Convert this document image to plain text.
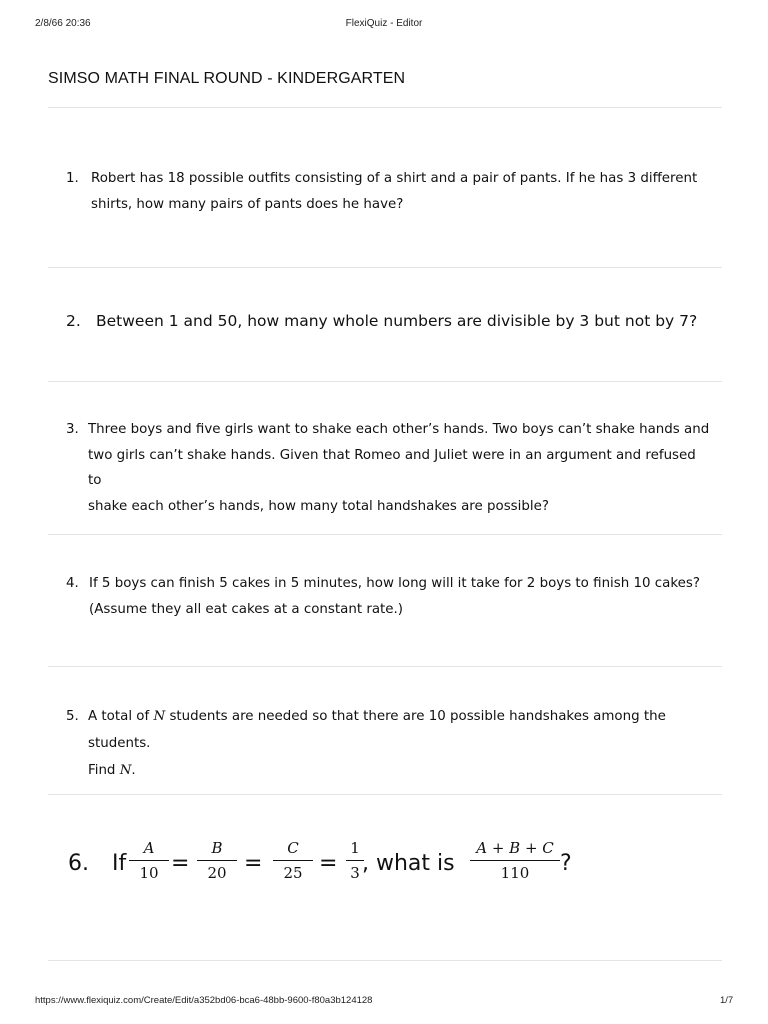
2/8/66 20:36	FlexiQuiz - Editor
SIMSO MATH FINAL ROUND - KINDERGARTEN
1. Robert has 18 possible outfits consisting of a shirt and a pair of pants. If he has 3 different
shirts, how many pairs of pants does he have?
2. Between 1 and 50, how many whole numbers are divisible by 3 but not by 7?
3. Three boys and five girls want to shake each other’s hands. Two boys can’t shake hands and
two girls can’t shake hands. Given that Romeo and Juliet were in an argument and refused to
shake each other’s hands, how many total handshakes are possible?
4. If 5 boys can finish 5 cakes in 5 minutes, how long will it take for 2 boys to finish 10 cakes?
(Assume they all eat cakes at a constant rate.)
5. A total of N students are needed so that there are 10 possible handshakes among the students.
Find N.
6. If
A
10 =
B
20 =
C
25 =
1
3 , what is
A + B + C
110	?
https://www.flexiquiz.com/Create/Edit/a352bd06-bca6-48bb-9600-f80a3b124128	1/7
